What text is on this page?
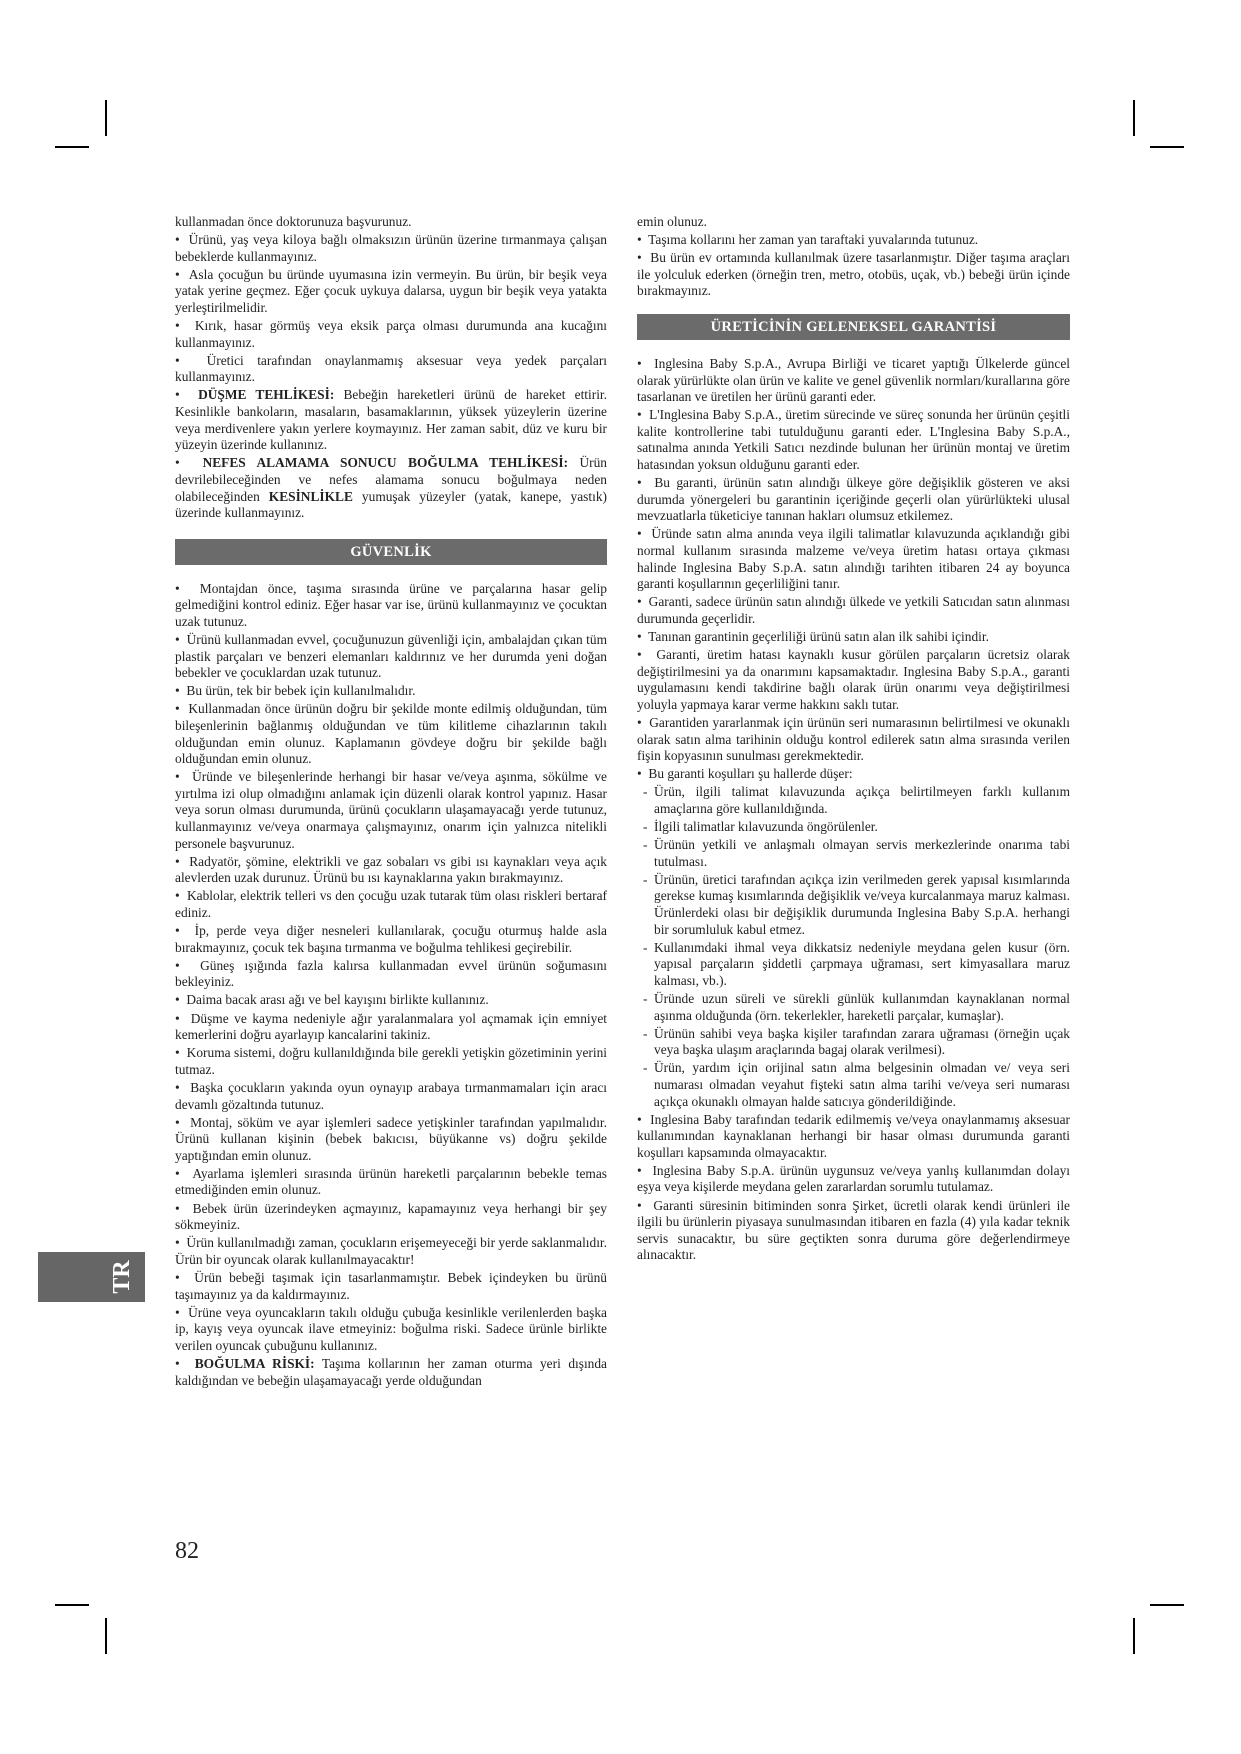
kullanmadan önce doktorunuza başvurunuz.

•  Ürünü, yaş veya kiloya bağlı olmaksızın ürünün üzerine tırmanmaya çalışan bebeklerde kullanmayınız.

•  Asla çocuğun bu üründe uyumasına izin vermeyin. Bu ürün, bir beşik veya yatak yerine geçmez. Eğer çocuk uykuya dalarsa, uygun bir beşik veya yatakta yerleştirilmelidir.

•  Kırık, hasar görmüş veya eksik parça olması durumunda ana kucağını kullanmayınız.

•  Üretici tarafından onaylanmamış aksesuar veya yedek parçaları kullanmayınız.

•  DÜŞME TEHLİKESİ: Bebeğin hareketleri ürünü de hareket ettirir. Kesinlikle bankoların, masaların, basamaklarının, yüksek yüzeylerin üzerine veya merdivenlere yakın yerlere koymayınız. Her zaman sabit, düz ve kuru bir yüzeyin üzerinde kullanınız.

•  NEFES ALAMAMA SONUCU BOĞULMA TEHLİKESİ: Ürün devrilebileceğinden ve nefes alamama sonucu boğulmaya neden olabileceğinden KESİNLİKLE yumuşak yüzeyler (yatak, kanepe, yastık) üzerinde kullanmayınız.

GÜVENLİK

•  Montajdan önce, taşıma sırasında ürüne ve parçalarına hasar gelip gelmediğini kontrol ediniz. Eğer hasar var ise, ürünü kullanmayınız ve çocuktan uzak tutunuz.

•  Ürünü kullanmadan evvel, çocuğunuzun güvenliği için, ambalajdan çıkan tüm plastik parçaları ve benzeri elemanları kaldırınız ve her durumda yeni doğan bebekler ve çocuklardan uzak tutunuz.

•  Bu ürün, tek bir bebek için kullanılmalıdır.

•  Kullanmadan önce ürünün doğru bir şekilde monte edilmiş olduğundan, tüm bileşenlerinin bağlanmış olduğundan ve tüm kilitleme cihazlarının takılı olduğundan emin olunuz. Kaplamanın gövdeye doğru bir şekilde bağlı olduğundan emin olunuz.

•  Üründe ve bileşenlerinde herhangi bir hasar ve/veya aşınma, sökülme ve yırtılma izi olup olmadığını anlamak için düzenli olarak kontrol yapınız. Hasar veya sorun olması durumunda, ürünü çocukların ulaşamayacağı yerde tutunuz, kullanmayınız ve/veya onarmaya çalışmayınız, onarım için yalnızca nitelikli personele başvurunuz.

•  Radyatör, şömine, elektrikli ve gaz sobaları vs gibi ısı kaynakları veya açık alevlerden uzak durunuz. Ürünü bu ısı kaynaklarına yakın bırakmayınız.

•  Kablolar, elektrik telleri vs den çocuğu uzak tutarak tüm olası riskleri bertaraf ediniz.

•  İp, perde veya diğer nesneleri kullanılarak, çocuğu oturmuş halde asla bırakmayınız, çocuk tek başına tırmanma ve boğulma tehlikesi geçirebilir.

•  Güneş ışığında fazla kalırsa kullanmadan evvel ürünün soğumasını bekleyiniz.

•  Daima bacak arası ağı ve bel kayışını birlikte kullanınız.

•  Düşme ve kayma nedeniyle ağır yaralanmalara yol açmamak için emniyet kemerlerini doğru ayarlayıp kancalarini takiniz.

•  Koruma sistemi, doğru kullanıldığında bile gerekli yetişkin gözetiminin yerini tutmaz.

•  Başka çocukların yakında oyun oynayıp arabaya tırmanmamaları için aracı devamlı gözaltında tutunuz.

•  Montaj, söküm ve ayar işlemleri sadece yetişkinler tarafından yapılmalıdır. Ürünü kullanan kişinin (bebek bakıcısı, büyükanne vs) doğru şekilde yaptığından emin olunuz.

•  Ayarlama işlemleri sırasında ürünün hareketli parçalarının bebekle temas etmediğinden emin olunuz.

•  Bebek ürün üzerindeyken açmayınız, kapamayınız veya herhangi bir şey sökmeyiniz.

•  Ürün kullanılmadığı zaman, çocukların erişemeyeceği bir yerde saklanmalıdır. Ürün bir oyuncak olarak kullanılmayacaktır!

•  Ürün bebeği taşımak için tasarlanmamıştır. Bebek içindeyken bu ürünü taşımayınız ya da kaldırmayınız.

•  Ürüne veya oyuncakların takılı olduğu çubuğa kesinlikle verilenlerden başka ip, kayış veya oyuncak ilave etmeyiniz: boğulma riski. Sadece ürünle birlikte verilen oyuncak çubuğunu kullanınız.

•  BOĞULMA RİSKİ: Taşıma kollarının her zaman oturma yeri dışında kaldığından ve bebeğin ulaşamayacağı yerde olduğundan

emin olunuz.

•  Taşıma kollarını her zaman yan taraftaki yuvalarında tutunuz.

•  Bu ürün ev ortamında kullanılmak üzere tasarlanmıştır. Diğer taşıma araçları ile yolculuk ederken (örneğin tren, metro, otobüs, uçak, vb.) bebeği ürün içinde bırakmayınız.

ÜRETİCİNİN GELENEKSEL GARANTİSİ

•  Inglesina Baby S.p.A., Avrupa Birliği ve ticaret yaptığı Ülkelerde güncel olarak yürürlükte olan ürün ve kalite ve genel güvenlik normları/kurallarına göre tasarlanan ve üretilen her ürünü garanti eder.

•  L'Inglesina Baby S.p.A., üretim sürecinde ve süreç sonunda her ürünün çeşitli kalite kontrollerine tabi tutulduğunu garanti eder. L'Inglesina Baby S.p.A., satınalma anında Yetkili Satıcı nezdinde bulunan her ürünün montaj ve üretim hatasından yoksun olduğunu garanti eder.

•  Bu garanti, ürünün satın alındığı ülkeye göre değişiklik gösteren ve aksi durumda yönergeleri bu garantinin içeriğinde geçerli olan yürürlükteki ulusal mevzuatlarla tüketiciye tanınan hakları olumsuz etkilemez.

•  Üründe satın alma anında veya ilgili talimatlar kılavuzunda açıklandığı gibi normal kullanım sırasında malzeme ve/veya üretim hatası ortaya çıkması halinde Inglesina Baby S.p.A. satın alındığı tarihten itibaren 24 ay boyunca garanti koşullarının geçerliliğini tanır.

•  Garanti, sadece ürünün satın alındığı ülkede ve yetkili Satıcıdan satın alınması durumunda geçerlidir.

•  Tanınan garantinin geçerliliği ürünü satın alan ilk sahibi içindir.

•  Garanti, üretim hatası kaynaklı kusur görülen parçaların ücretsiz olarak değiştirilmesini ya da onarımını kapsamaktadır. Inglesina Baby S.p.A., garanti uygulamasını kendi takdirine bağlı olarak ürün onarımı veya değiştirilmesi yoluyla yapmaya karar verme hakkını saklı tutar.

•  Garantiden yararlanmak için ürünün seri numarasının belirtilmesi ve okunaklı olarak satın alma tarihinin olduğu kontrol edilerek satın alma sırasında verilen fişin kopyasının sunulması gerekmektedir.

•  Bu garanti koşulları şu hallerde düşer:

- Ürün, ilgili talimat kılavuzunda açıkça belirtilmeyen farklı kullanım amaçlarına göre kullanıldığında.
- İlgili talimatlar kılavuzunda öngörülenler.
- Ürünün yetkili ve anlaşmalı olmayan servis merkezlerinde onarıma tabi tutulması.
- Ürünün, üretici tarafından açıkça izin verilmeden gerek yapısal kısımlarında gerekse kumaş kısımlarında değişiklik ve/veya kurcalanmaya maruz kalması. Ürünlerdeki olası bir değişiklik durumunda Inglesina Baby S.p.A. herhangi bir sorumluluk kabul etmez.
- Kullanımdaki ihmal veya dikkatsiz nedeniyle meydana gelen kusur (örn. yapısal parçaların şiddetli çarpmaya uğraması, sert kimyasallara maruz kalması, vb.).
- Üründe uzun süreli ve sürekli günlük kullanımdan kaynaklanan normal aşınma olduğunda (örn. tekerlekler, hareketli parçalar, kumaşlar).
- Ürünün sahibi veya başka kişiler tarafından zarara uğraması (örneğin uçak veya başka ulaşım araçlarında bagaj olarak verilmesi).
- Ürün, yardım için orijinal satın alma belgesinin olmadan ve/ veya seri numarası olmadan veyahut fişteki satın alma tarihi ve/veya seri numarası açıkça okunaklı olmayan halde satıcıya gönderildiğinde.

•  Inglesina Baby tarafından tedarik edilmemiş ve/veya onaylanmamış aksesuar kullanımından kaynaklanan herhangi bir hasar olması durumunda garanti koşulları kapsamında olmayacaktır.

•  Inglesina Baby S.p.A. ürünün uygunsuz ve/veya yanlış kullanımdan dolayı eşya veya kişilerde meydana gelen zararlardan sorumlu tutulamaz.

•  Garanti süresinin bitiminden sonra Şirket, ücretli olarak kendi ürünleri ile ilgili bu ürünlerin piyasaya sunulmasından itibaren en fazla (4) yıla kadar teknik servis sunacaktır, bu süre geçtikten sonra duruma göre değerlendirmeye alınacaktır.

TR
82
